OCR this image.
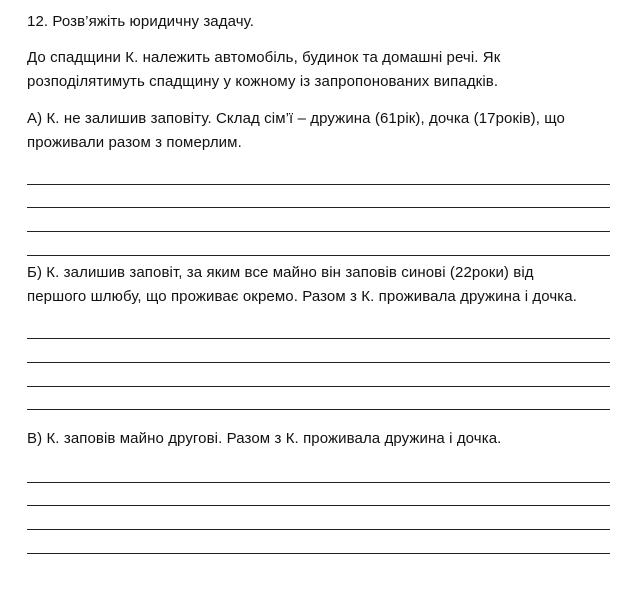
12. Розв’яжіть юридичну задачу.
До спадщини К. належить автомобіль, будинок та домашні речі. Як
розподілятимуть спадщину у кожному із запропонованих випадків.
А) К. не залишив заповіту. Склад сім’ї – дружина (61рік), дочка (17років), що
проживали разом з померлим.
Б) К. залишив заповіт, за яким все майно він заповів синові (22роки) від
першого шлюбу, що проживає окремо. Разом з К. проживала дружина і дочка.
В) К. заповів майно другові. Разом з К. проживала дружина і дочка.
